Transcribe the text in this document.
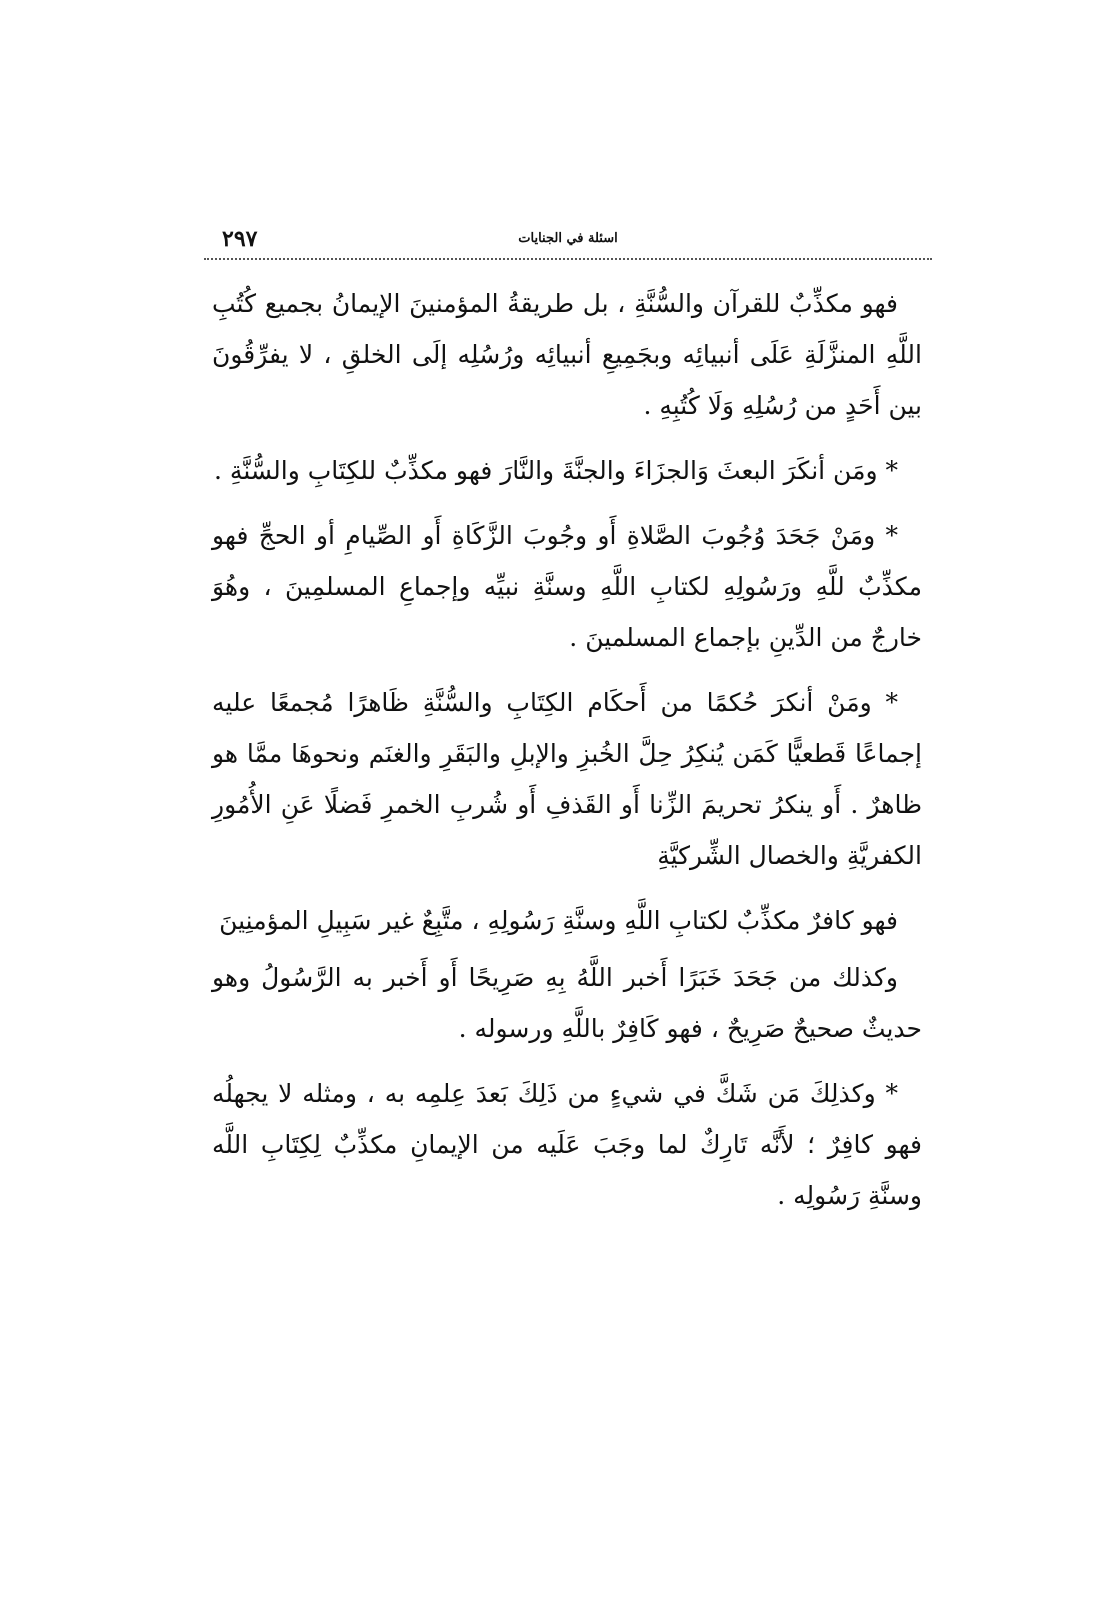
٢٩٧	اسئلة في الجنايات

فهو مكذِّبٌ للقرآن والسُّنَّةِ ، بل طريقةُ المؤمنينَ الإيمانُ بجميع كُتُبِ اللَّهِ المنزَّلَةِ عَلَى أنبيائِه وبجَمِيعِ أنبيائِه ورُسُلِه إلَى الخلقِ ، لا يفرِّقُونَ بين أَحَدٍ من رُسُلِهِ وَلَا كُتُبِهِ .

* ومَن أنكَرَ البعثَ وَالجزَاءَ والجنَّةَ والنَّارَ فهو مكذِّبٌ للكِتَابِ والسُّنَّةِ .

* ومَنْ جَحَدَ وُجُوبَ الصَّلاةِ أَو وجُوبَ الزَّكَاةِ أَو الصِّيامِ أو الحجِّ فهو مكذِّبٌ للَّهِ ورَسُولِهِ لكتابِ اللَّهِ وسنَّةِ نبيِّه وإجماعِ المسلمِينَ ، وهُوَ خارجٌ من الدِّينِ بإجماع المسلمينَ .

* ومَنْ أنكرَ حُكمًا من أَحكَام الكِتَابِ والسُّنَّةِ ظَاهرًا مُجمعًا عليه إجماعًا قَطعيًّا كَمَن يُنكِرُ حِلَّ الخُبزِ والإبلِ والبَقَرِ والغنَم ونحوهَا ممَّا هو ظاهرٌ . أَو ينكرُ تحريمَ الزِّنا أَو القَذفِ أَو شُربِ الخمرِ فَضلًا عَنِ الأُمُورِ الكفريَّةِ والخصال الشِّركيَّةِ

فهو كافرٌ مكذِّبٌ لكتابِ اللَّهِ وسنَّةِ رَسُولِهِ ، متَّبِعٌ غير سَبِيلِ المؤمنِينَ

وكذلك من جَحَدَ خَبَرًا أَخبر اللَّهُ بِهِ صَرِيحًا أَو أَخبر به الرَّسُولُ وهو حديثٌ صحيحٌ صَرِيحٌ ، فهو كَافِرٌ باللَّهِ ورسوله .

* وكذلِكَ مَن شَكَّ في شيءٍ من ذَلِكَ بَعدَ عِلمِه به ، ومثله لا يجهلُه فهو كافِرٌ ؛ لأَنَّه تَارِكٌ لما وجَبَ عَلَيه من الإيمانِ مكذِّبٌ لِكِتَابِ اللَّه وسنَّةِ رَسُولِه .
